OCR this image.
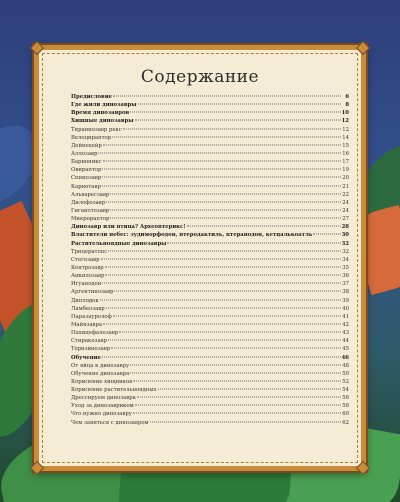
Содержание
Предисловие	6
Где жили динозавры	8
Время динозавров	10
Хищные динозавры	12
Тираннозавр рекс	12
Велоцираптор	14
Дейнохейр	15
Аллозавр	16
Барионикс	17
Овираптор	19
Спинозавр	20
Карнотавр	21
Альваресзавр	22
Дилофозавр	24
Гиганотозавр	24
Микрораптор	27
Динозавр или птица? Археоптерикс!	28
Властители небес: эудиморфодон, птеродактиль, птеранодон, кетцалькоатль	30
Растительноядные динозавры	32
Трицератопс	32
Стегозавр	34
Кентрозавр	35
Анкилозавр	36
Игуанодон	37
Аргентинозавр	38
Диплодок	39
Ламбеозавр	40
Паразауролоф	41
Майязавра	42
Пахицефалозавр	43
Стиракозавр	44
Теризинозавр	45
Обучение	46
От яйца к динозавру	48
Обучение динозавра	50
Кормление хищников	52
Кормление растительноядных	54
Дрессируем динозавра	56
Уход за динозавриком	58
Что нужно динозавру	60
Чем заняться с динозавром	62
